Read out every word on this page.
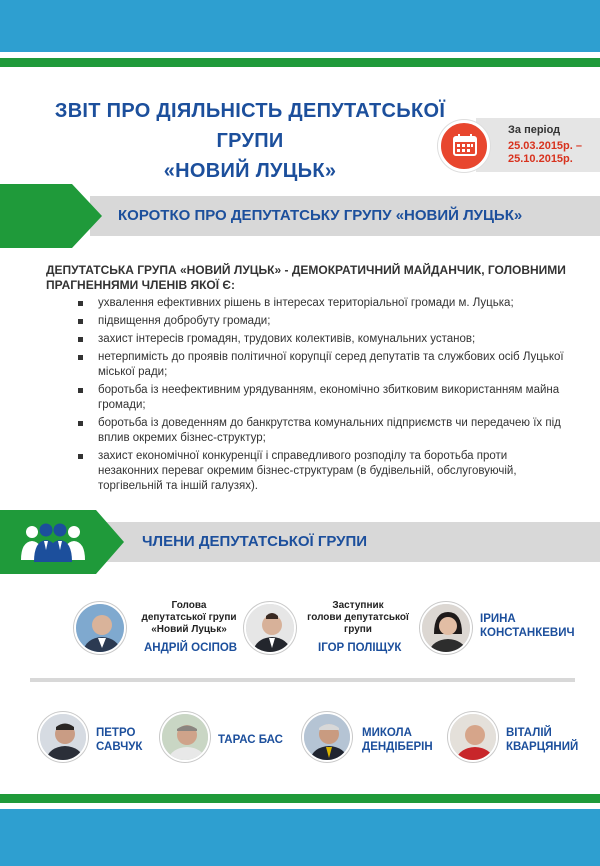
ЗВІТ ПРО ДІЯЛЬНІСТЬ ДЕПУТАТСЬКОЇ ГРУПИ
«НОВИЙ ЛУЦЬК»
За період
25.03.2015р. –
25.10.2015р.
КОРОТКО ПРО ДЕПУТАТСЬКУ ГРУПУ «НОВИЙ ЛУЦЬК»
ДЕПУТАТСЬКА ГРУПА «НОВИЙ ЛУЦЬК» - ДЕМОКРАТИЧНИЙ МАЙДАНЧИК, ГОЛОВНИМИ ПРАГНЕННЯМИ ЧЛЕНІВ ЯКОЇ Є:
ухвалення ефективних рішень в інтересах територіальної громади м. Луцька;
підвищення добробуту громади;
захист інтересів громадян, трудових колективів, комунальних установ;
нетерпимість до проявів політичної корупції серед депутатів та службових осіб Луцької міської ради;
боротьба із неефективним урядуванням, економічно збитковим використанням майна громади;
боротьба із доведенням до банкрутства комунальних підприємств чи передачею їх під вплив окремих бізнес-структур;
захист економічної конкуренції і справедливого розподілу та боротьба проти незаконних переваг окремим бізнес-структурам (в будівельній, обслуговуючій, торгівельній та іншій галузях).
ЧЛЕНИ ДЕПУТАТСЬКОЇ ГРУПИ
Голова
депутатської групи
«Новий Луцьк»
АНДРІЙ ОСІПОВ
Заступник
голови депутатської
групи
ІГОР ПОЛІЩУК
ІРИНА
КОНСТАНКЕВИЧ
ПЕТРО
САВЧУК
ТАРАС БАС
МИКОЛА
ДЕНДІБЕРІН
ВІТАЛІЙ
КВАРЦЯНИЙ
